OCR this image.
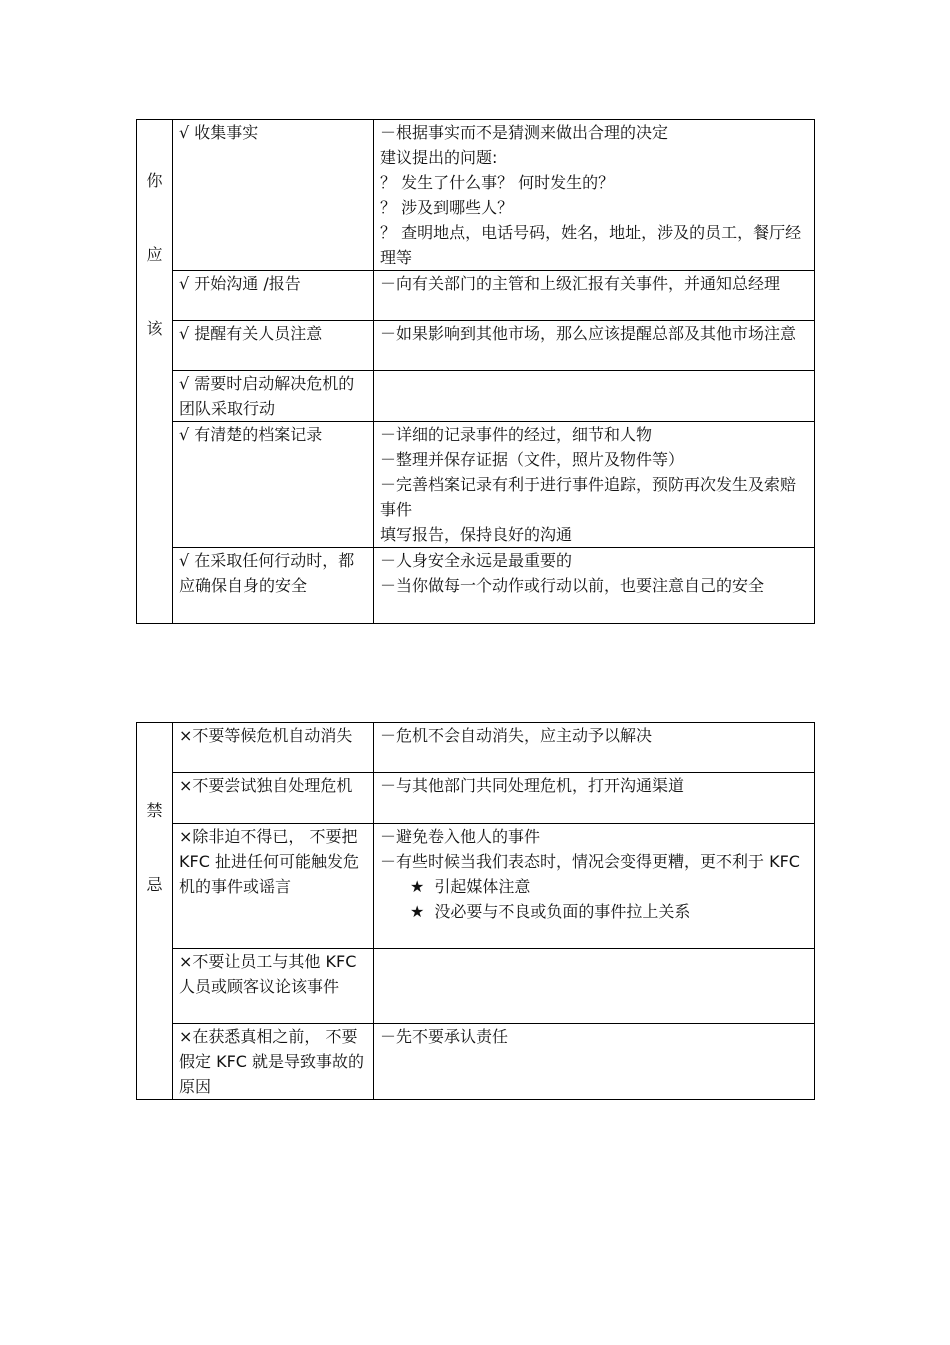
你
应
该	√ 收集事实	－根据事实而不是猜测来做出合理的决定
建议提出的问题:
？ 发生了什么事？ 何时发生的？
？ 涉及到哪些人？
？ 查明地点，电话号码，姓名，地址，涉及的员工，餐厅经理等

	√ 开始沟通 /报告	－向有关部门的主管和上级汇报有关事件，并通知总经理

	√ 提醒有关人员注意	－如果影响到其他市场，那么应该提醒总部及其他市场注意

	√ 需要时启动解决危机的团队采取行动	
	√ 有清楚的档案记录	－详细的记录事件的经过，细节和人物
－整理并保存证据（文件，照片及物件等）
－完善档案记录有利于进行事件追踪，预防再次发生及索赔事件
填写报告，保持良好的沟通

	√ 在采取任何行动时，都应确保自身的安全	－人身安全永远是最重要的
－当你做每一个动作或行动以前，也要注意自己的安全
禁
忌	×不要等候危机自动消失	－危机不会自动消失，应主动予以解决

	×不要尝试独自处理危机	－与其他部门共同处理危机，打开沟通渠道

	×除非迫不得已， 不要把 KFC 扯进任何可能触发危机的事件或谣言	－避免卷入他人的事件
－有些时候当我们表态时，情况会变得更糟，更不利于 KFC
★ 引起媒体注意
★ 没必要与不良或负面的事件拉上关系

	×不要让员工与其他 KFC 人员或顾客议论该事件	
	×在获悉真相之前， 不要假定 KFC 就是导致事故的原因	－先不要承认责任
